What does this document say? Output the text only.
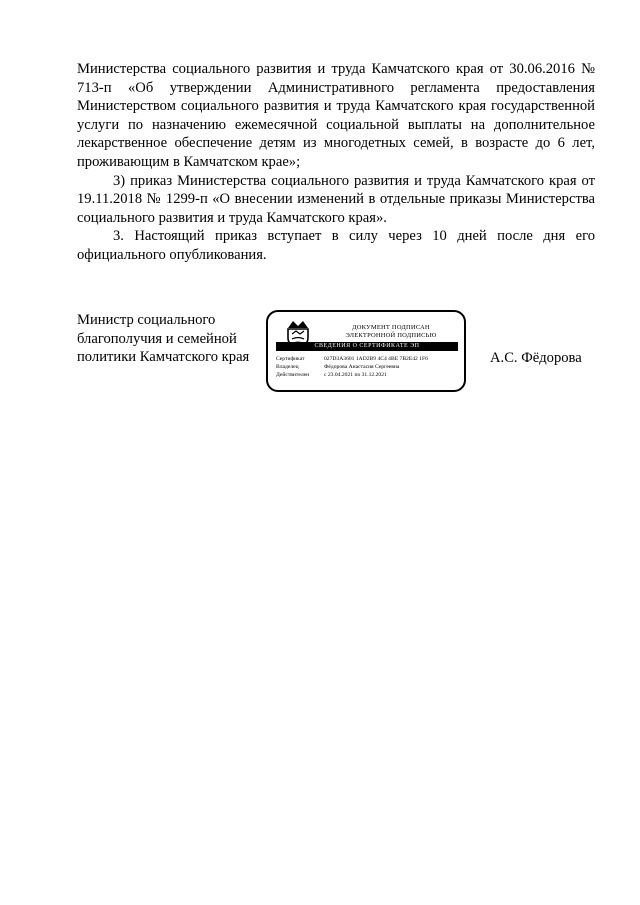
Министерства социального развития и труда Камчатского края от 30.06.2016 № 713-п «Об утверждении Административного регламента предоставления Министерством социального развития и труда Камчатского края государственной услуги по назначению ежемесячной социальной выплаты на дополнительное лекарственное обеспечение детям из многодетных семей, в возрасте до 6 лет, проживающим в Камчатском крае»;

3) приказ Министерства социального развития и труда Камчатского края от 19.11.2018 № 1299-п «О внесении изменений в отдельные приказы Министерства социального развития и труда Камчатского края».

3. Настоящий приказ вступает в силу через 10 дней после дня его официального опубликования.

Министр социального
благополучия и семейной
политики Камчатского края
ДОКУМЕНТ ПОДПИСАН
ЭЛЕКТРОННОЙ ПОДПИСЬЮ
СВЕДЕНИЯ О СЕРТИФИКАТЕ ЭП
Сертификат	027D3A3601 1AD2B9 4C4 4BE 7B2E42 1F6
Владелец	Фёдорова Анастасия Сергеевна
Действителен	с 23.04.2021 по 31.12.2021
А.С. Фёдорова
